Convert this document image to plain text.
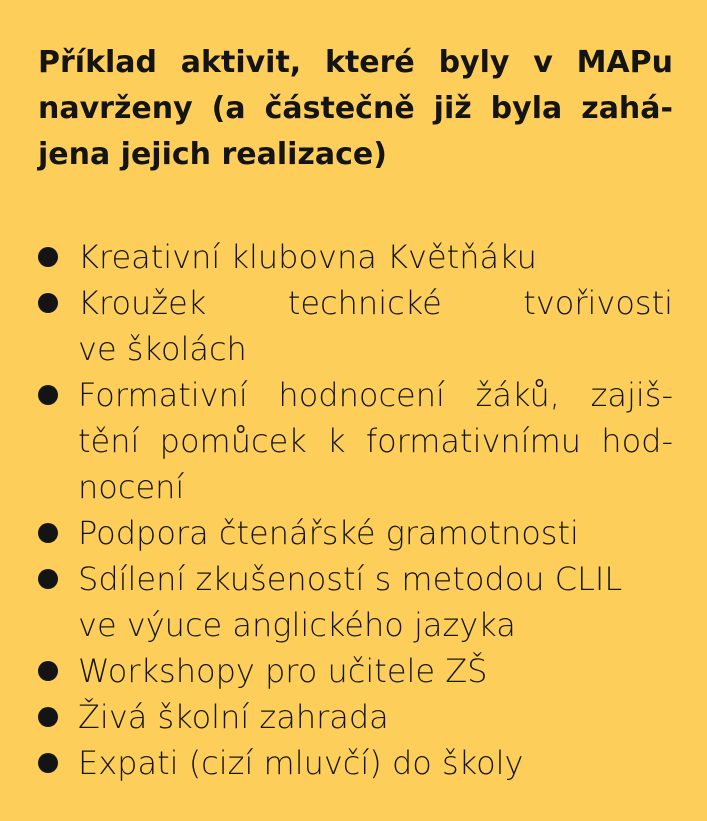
Příklad aktivit, které byly v MAPu
navrženy (a částečně již byla zahá-
jena jejich realizace)
Kreativní klubovna Květňáku
Kroužek technické tvořivosti
ve školách
Formativní hodnocení žáků, zajiš-
tění pomůcek k formativnímu hod-
nocení
Podpora čtenářské gramotnosti
Sdílení zkušeností s metodou CLIL
ve výuce anglického jazyka
Workshopy pro učitele ZŠ
Živá školní zahrada
Expati (cizí mluvčí) do školy
